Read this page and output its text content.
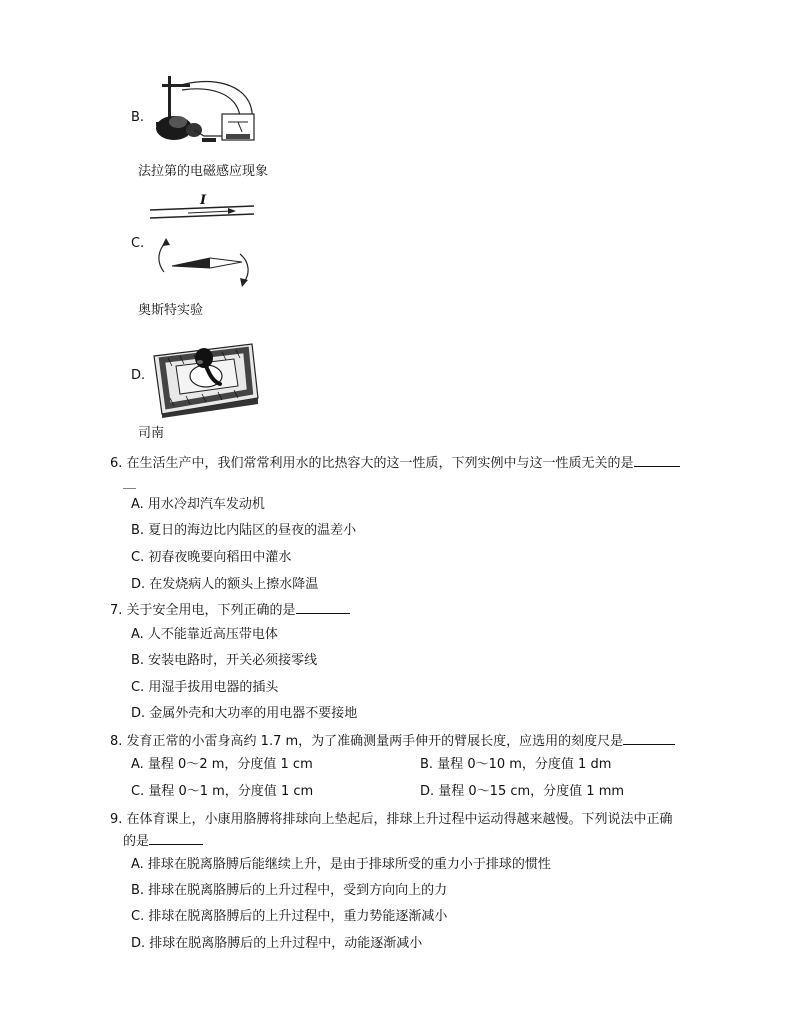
B.
法拉第的电磁感应现象
C.
I
奥斯特实验
D.
司南
6. 在生活生产中，我们常常利用水的比热容大的这一性质，下列实例中与这一性质无关的是
＿
A. 用水冷却汽车发动机
B. 夏日的海边比内陆区的昼夜的温差小
C. 初春夜晚要向稻田中灌水
D. 在发烧病人的额头上擦水降温
7. 关于安全用电，下列正确的是
A. 人不能靠近高压带电体
B. 安装电路时，开关必须接零线
C. 用湿手拔用电器的插头
D. 金属外壳和大功率的用电器不要接地
8. 发育正常的小雷身高约 1.7 m，为了准确测量两手伸开的臂展长度，应选用的刻度尺是
A. 量程 0～2 m，分度值 1 cm	B. 量程 0～10 m，分度值 1 dm
C. 量程 0～1 m，分度值 1 cm	D. 量程 0～15 cm，分度值 1 mm
9. 在体育课上，小康用胳膊将排球向上垫起后，排球上升过程中运动得越来越慢。下列说法中正确
的是
A. 排球在脱离胳膊后能继续上升，是由于排球所受的重力小于排球的惯性
B. 排球在脱离胳膊后的上升过程中，受到方向向上的力
C. 排球在脱离胳膊后的上升过程中，重力势能逐渐减小
D. 排球在脱离胳膊后的上升过程中，动能逐渐减小
